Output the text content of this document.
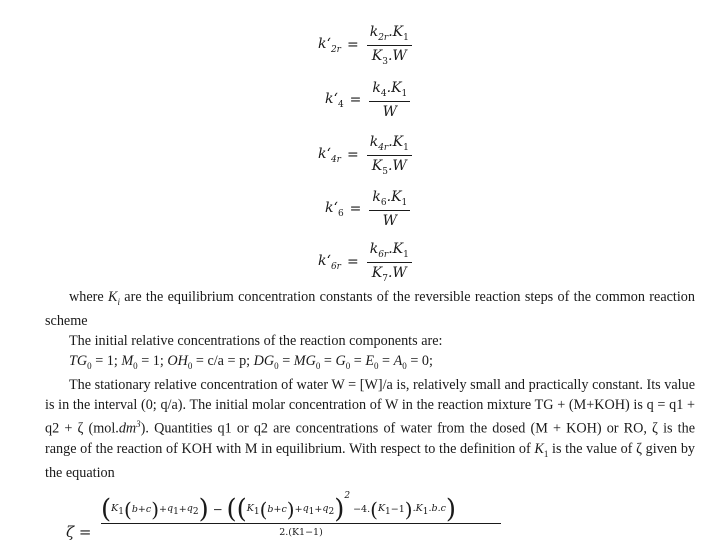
$k‘_{2r} = \frac{k_{2r}.K_1}{K_3.W}$
$k‘_4 = \frac{k_4.K_1}{W}$
$k‘_{4r} = \frac{k_{4r}.K_1}{K_5.W}$
$k‘_6 = \frac{k_6.K_1}{W}$
$k‘_{6r} = \frac{k_{6r}.K_1}{K_7.W}$

where $K_i$ are the equilibrium concentration constants of the reversible reaction steps of the common reaction scheme

The initial relative concentrations of the reaction components are:

$TG_0 = 1$; $M_0 = 1$; $OH_0 = c/a = p$; $DG_0 = MG_0 = G_0 = E_0 = A_0 = 0$;

The stationary relative concentration of water W = [W]/a is, relatively small and practically constant. Its value is in the interval (0; q/a). The initial molar concentration of W in the reaction mixture TG + (M+KOH) is q = q1 + q2 + ζ $(mol.dm^3)$. Quantities q1 or q2 are concentrations of water from the dosed (M + KOH) or RO, ζ is the range of the reaction of KOH with M in equilibrium. With respect to the definition of $K_1$ is the value of ζ given by the equation

ζ =
$(K_1(b+c)+q_1+q_2) - ((K_1(b+c)+q_1+q_2)^2 -4.(K_1-1).K_1.b.c)$
2.(K1−1)
